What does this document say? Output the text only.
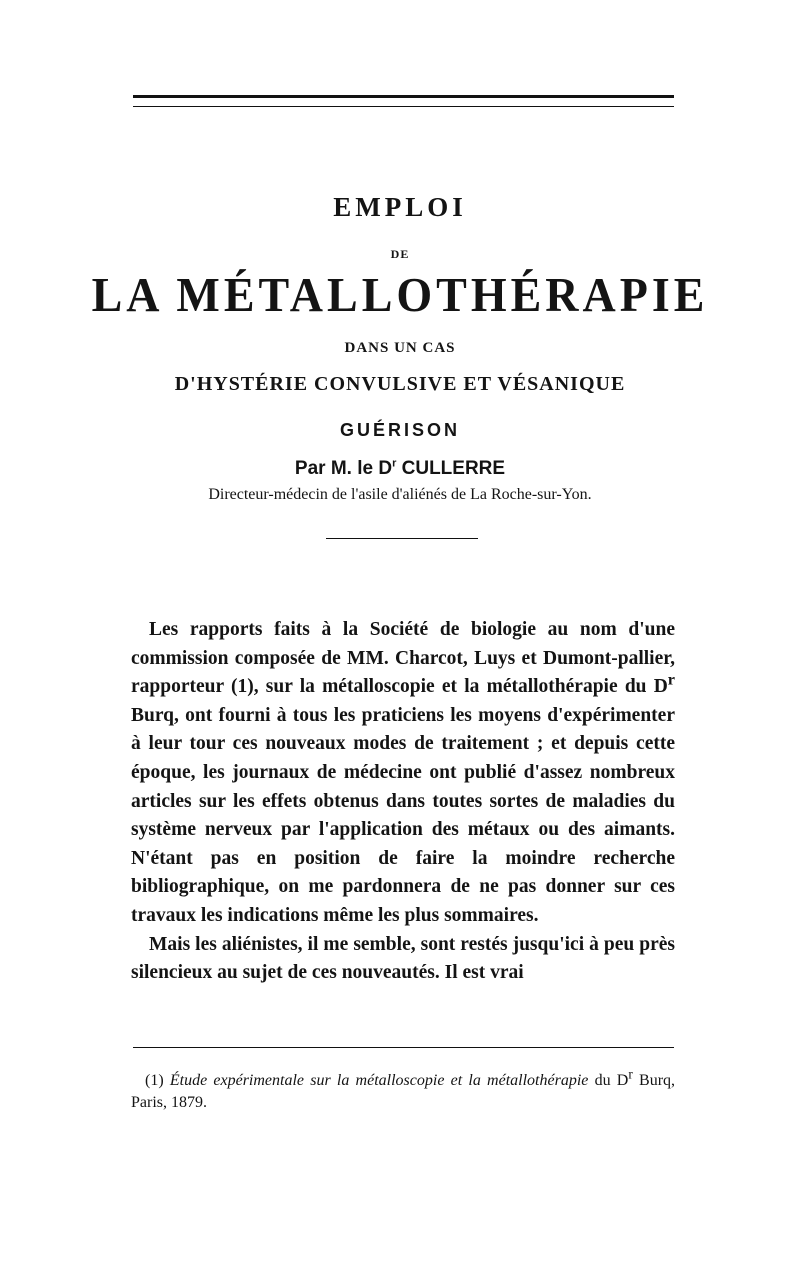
EMPLOI
DE
LA MÉTALLOTHÉRAPIE
DANS UN CAS
D'HYSTÉRIE CONVULSIVE ET VÉSANIQUE
GUÉRISON
Par M. le $D^r$ CULLERRE
Directeur-médecin de l'asile d'aliénés de La Roche-sur-Yon.

Les rapports faits à la Société de biologie au nom d'une commission composée de MM. Charcot, Luys et Dumont-pallier, rapporteur (1), sur la métalloscopie et la métallothérapie du $D^r$ Burq, ont fourni à tous les praticiens les moyens d'expérimenter à leur tour ces nouveaux modes de traitement ; et depuis cette époque, les journaux de médecine ont publié d'assez nombreux articles sur les effets obtenus dans toutes sortes de maladies du système nerveux par l'application des métaux ou des aimants. N'étant pas en position de faire la moindre recherche bibliographique, on me pardonnera de ne pas donner sur ces travaux les indications même les plus sommaires.

Mais les aliénistes, il me semble, sont restés jusqu'ici à peu près silencieux au sujet de ces nouveautés. Il est vrai

(1) Étude expérimentale sur la métalloscopie et la métallothérapie du $D^r$ Burq, Paris, 1879.
